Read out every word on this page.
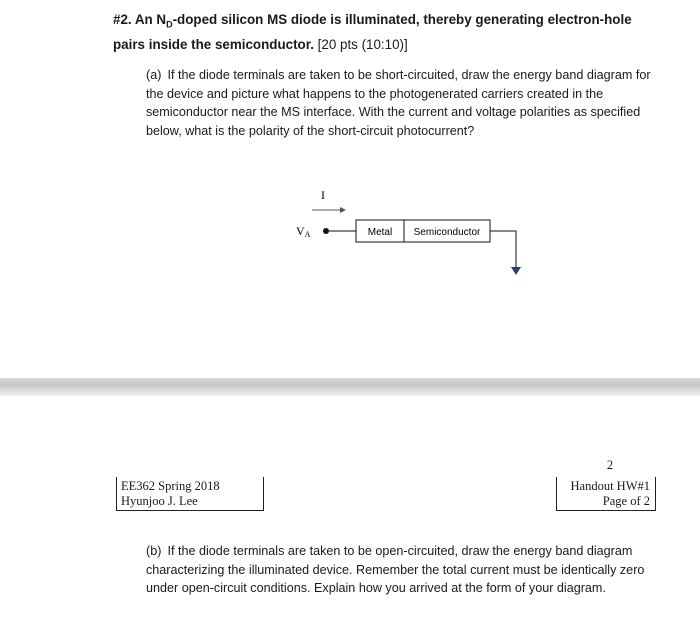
#2. An $N_D$-doped silicon MS diode is illuminated, thereby generating electron-hole pairs inside the semiconductor. [20 pts (10:10)]

(a) If the diode terminals are taken to be short-circuited, draw the energy band diagram for the device and picture what happens to the photogenerated carriers created in the semiconductor near the MS interface. With the current and voltage polarities as specified below, what is the polarity of the short-circuit photocurrent?

I
VA	Metal Semiconductor
2
EE362 Spring 2018
Hyunjoo J. Lee
Handout HW#1
Page of 2

(b) If the diode terminals are taken to be open-circuited, draw the energy band diagram characterizing the illuminated device. Remember the total current must be identically zero under open-circuit conditions. Explain how you arrived at the form of your diagram.
